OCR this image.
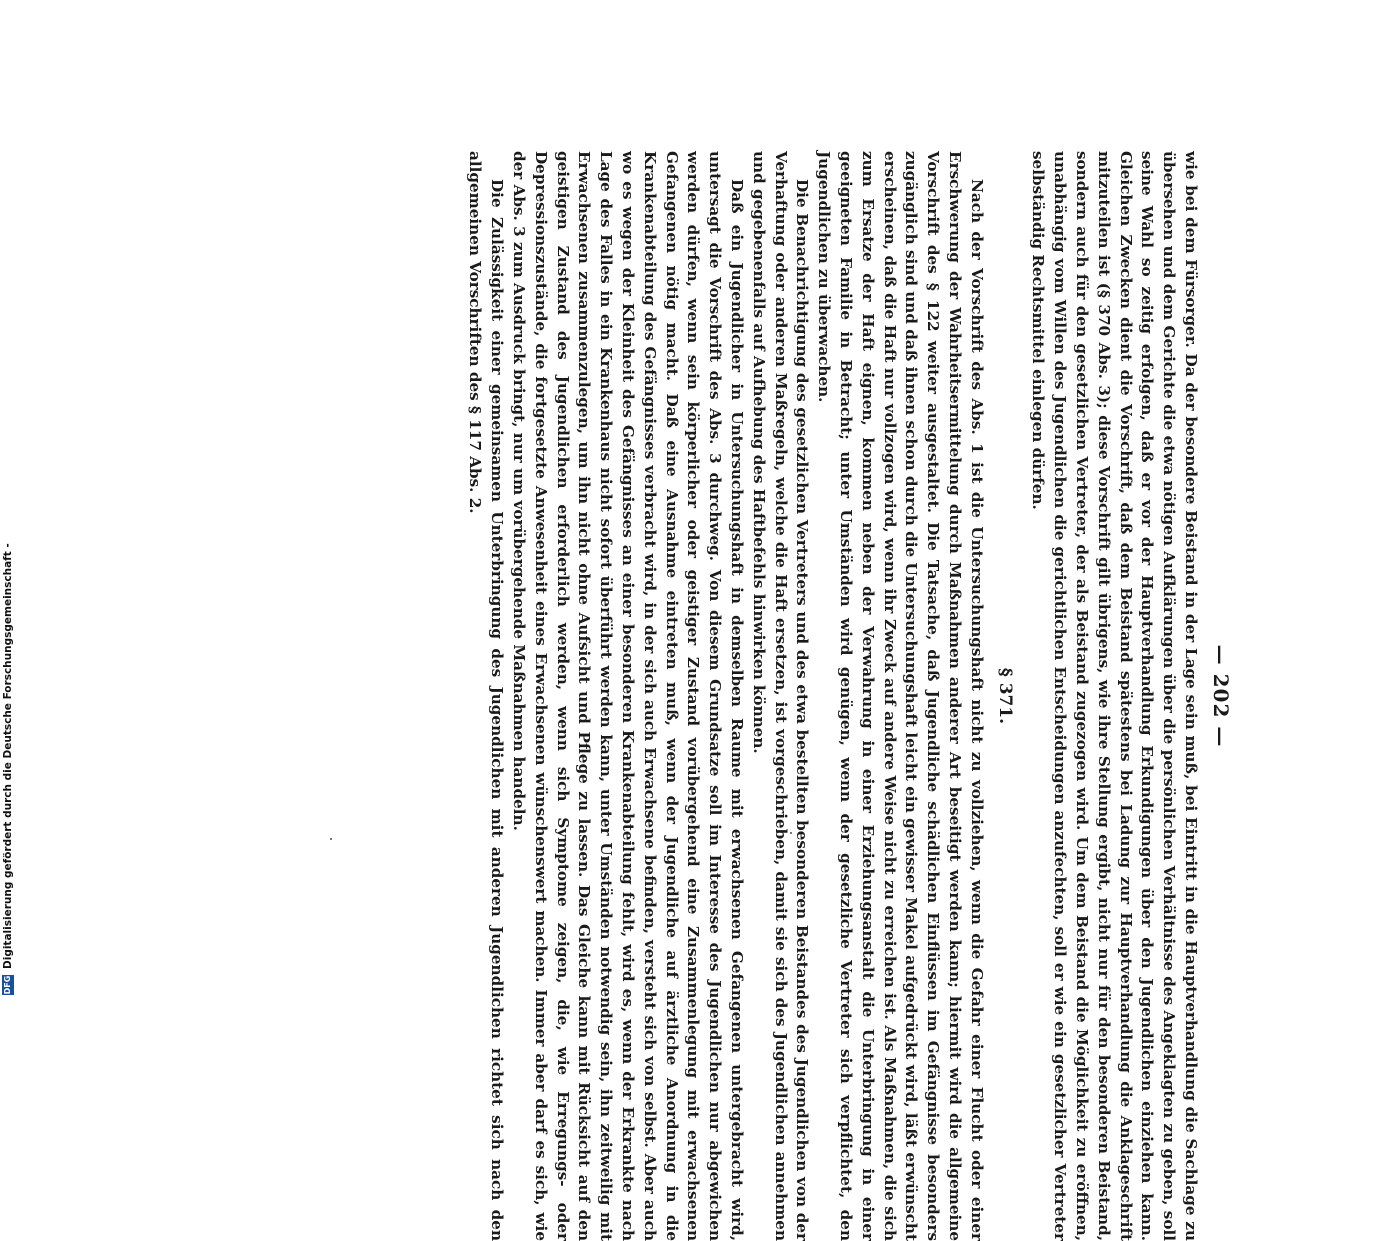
— 202 —

wie bei dem Fürsorger. Da der besondere Beistand in der Lage sein muß, bei Eintritt in die Hauptverhandlung die Sachlage zu übersehen und dem Gerichte die etwa nötigen Aufklärungen über die persönlichen Verhältnisse des Angeklagten zu geben, soll seine Wahl so zeitig erfolgen, daß er vor der Hauptverhandlung Erkundigungen über den Jugendlichen einziehen kann. Gleichen Zwecken dient die Vorschrift, daß dem Beistand spätestens bei Ladung zur Hauptverhandlung die Anklageschrift mitzuteilen ist (§ 370 Abs. 3); diese Vorschrift gilt übrigens, wie ihre Stellung ergibt, nicht nur für den besonderen Beistand, sondern auch für den gesetzlichen Vertreter, der als Beistand zugezogen wird. Um dem Beistand die Möglichkeit zu eröffnen, unabhängig vom Willen des Jugendlichen die gerichtlichen Entscheidungen anzufechten, soll er wie ein gesetzlicher Vertreter selbständig Rechtsmittel einlegen dürfen.

§ 371.

Nach der Vorschrift des Abs. 1 ist die Untersuchungshaft nicht zu vollziehen, wenn die Gefahr einer Flucht oder einer Erschwerung der Wahrheitsermittelung durch Maßnahmen anderer Art beseitigt werden kann; hiermit wird die allgemeine Vorschrift des § 122 weiter ausgestaltet. Die Tatsache, daß Jugendliche schädlichen Einflüssen im Gefängnisse besonders zugänglich sind und daß ihnen schon durch die Untersuchungshaft leicht ein gewisser Makel aufgedrückt wird, läßt erwünscht erscheinen, daß die Haft nur vollzogen wird, wenn ihr Zweck auf andere Weise nicht zu erreichen ist. Als Maßnahmen, die sich zum Ersatze der Haft eignen, kommen neben der Verwahrung in einer Erziehungsanstalt die Unterbringung in einer geeigneten Familie in Betracht; unter Umständen wird genügen, wenn der gesetzliche Vertreter sich verpflichtet, den Jugendlichen zu überwachen.

Die Benachrichtigung des gesetzlichen Vertreters und des etwa bestellten besonderen Beistandes des Jugendlichen von der Verhaftung oder anderen Maßregeln, welche die Haft ersetzen, ist vorgeschrieben, damit sie sich des Jugendlichen annehmen und gegebenenfalls auf Aufhebung des Haftbefehls hinwirken können.

Daß ein Jugendlicher in Untersuchungshaft in demselben Raume mit erwachsenen Gefangenen untergebracht wird, untersagt die Vorschrift des Abs. 3 durchweg. Von diesem Grundsatze soll im Interesse des Jugendlichen nur abgewichen werden dürfen, wenn sein körperlicher oder geistiger Zustand vorübergehend eine Zusammenlegung mit erwachsenen Gefangenen nötig macht. Daß eine Ausnahme eintreten muß, wenn der Jugendliche auf ärztliche Anordnung in die Krankenabteilung des Gefängnisses verbracht wird, in der sich auch Erwachsene befinden, versteht sich von selbst. Aber auch wo es wegen der Kleinheit des Gefängnisses an einer besonderen Krankenabteilung fehlt, wird es, wenn der Erkrankte nach Lage des Falles in ein Krankenhaus nicht sofort überführt werden kann, unter Umständen notwendig sein, ihn zeitweilig mit Erwachsenen zusammenzulegen, um ihn nicht ohne Aufsicht und Pflege zu lassen. Das Gleiche kann mit Rücksicht auf den geistigen Zustand des Jugendlichen erforderlich werden, wenn sich Symptome zeigen, die, wie Erregungs- oder Depressionszustände, die fortgesetzte Anwesenheit eines Erwachsenen wünschenswert machen. Immer aber darf es sich, wie der Abs. 3 zum Ausdruck bringt, nur um vorübergehende Maßnahmen handeln.

Die Zulässigkeit einer gemeinsamen Unterbringung des Jugendlichen mit anderen Jugendlichen richtet sich nach den allgemeinen Vorschriften des § 117 Abs. 2.

DFGDigitalisierung gefördert durch die Deutsche Forschungsgemeinschaft -
